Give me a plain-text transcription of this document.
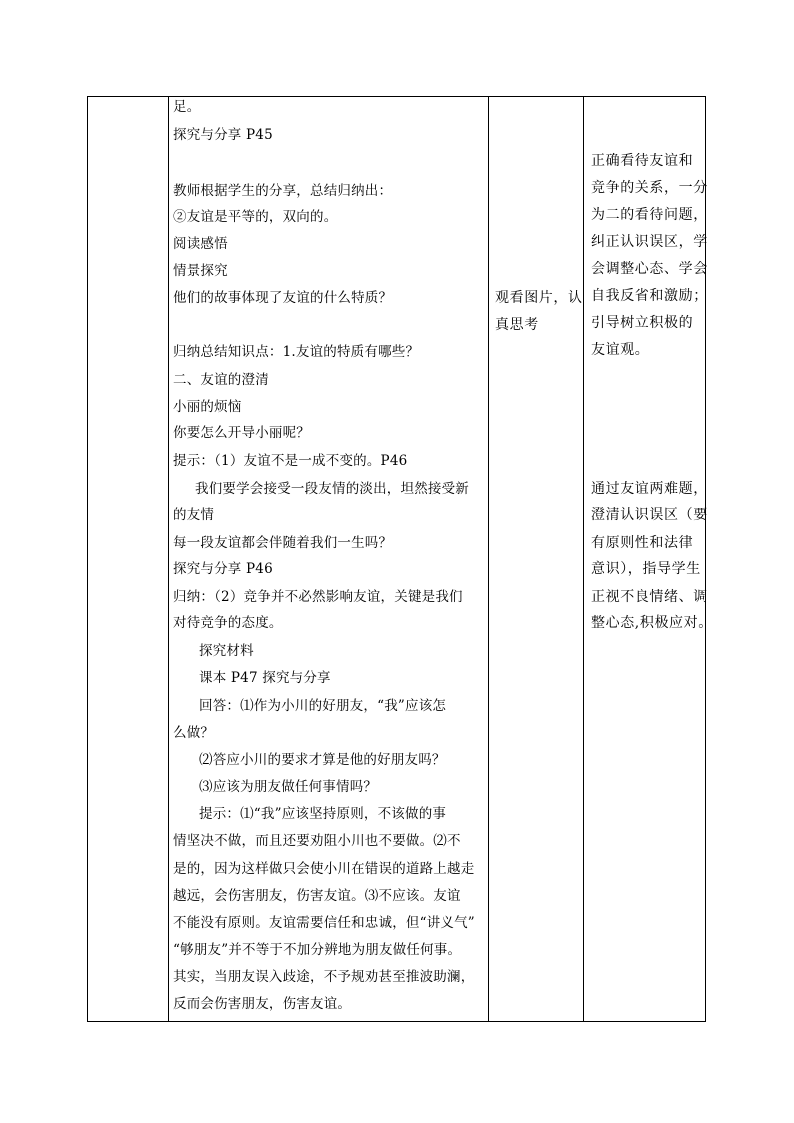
足。
探究与分享 P45
教师根据学生的分享，总结归纳出：
②友谊是平等的，双向的。
阅读感悟
情景探究
他们的故事体现了友谊的什么特质？
归纳总结知识点：1.友谊的特质有哪些？
二、友谊的澄清
小丽的烦恼
你要怎么开导小丽呢？
提示：（1）友谊不是一成不变的。P46
我们要学会接受一段友情的淡出，坦然接受新
的友情
每一段友谊都会伴随着我们一生吗？
探究与分享 P46
归纳：（2）竞争并不必然影响友谊，关键是我们
对待竞争的态度。
探究材料
课本 P47 探究与分享
回答：⑴作为小川的好朋友，“我”应该怎
么做？
⑵答应小川的要求才算是他的好朋友吗？
⑶应该为朋友做任何事情吗？
提示：⑴“我”应该坚持原则，不该做的事
情坚决不做，而且还要劝阻小川也不要做。⑵不
是的，因为这样做只会使小川在错误的道路上越走
越远，会伤害朋友，伤害友谊。⑶不应该。友谊
不能没有原则。友谊需要信任和忠诚，但“讲义气”
“够朋友”并不等于不加分辨地为朋友做任何事。
其实，当朋友误入歧途，不予规劝甚至推波助澜，
反而会伤害朋友，伤害友谊。
观看图片，认
真思考
正确看待友谊和
竞争的关系，一分
为二的看待问题，
纠正认识误区，学
会调整心态、学会
自我反省和激励；
引导树立积极的
友谊观。
通过友谊两难题，
澄清认识误区（要
有原则性和法律
意识），指导学生
正视不良情绪、调
整心态,积极应对。
